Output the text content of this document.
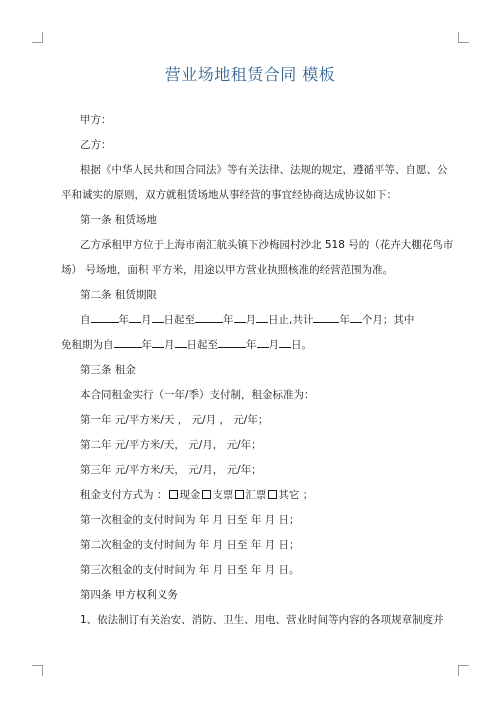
营业场地租赁合同 模板

甲方：

乙方：

根据《中华人民共和国合同法》等有关法律、法规的规定，遵循平等、自愿、公

平和诚实的原则，双方就租赁场地从事经营的事宜经协商达成协议如下：

第一条 租赁场地

乙方承租甲方位于上海市南汇航头镇下沙梅园村沙北 518 号的（花卉大棚花鸟市

场） 号场地，面积 平方米，用途以甲方营业执照核准的经营范围为准。

第二条 租赁期限

自	年 月 日起至	年 月 日止,共计 年 个月；其中

免租期为自	年 月 日起至	年 月 日。

第三条 租金

本合同租金实行（一年/季）支付制，租金标准为：

第一年 元/平方米/天 ， 元/月 ， 元/年；

第二年 元/平方米/天， 元/月， 元/年；

第三年 元/平方米/天， 元/月， 元/年；

租金支付方式为 ： 现金 支票 汇票 其它 ；

第一次租金的支付时间为 年 月 日至 年 月 日；

第二次租金的支付时间为 年 月 日至 年 月 日；

第三次租金的支付时间为 年 月 日至 年 月 日。

第四条 甲方权利义务

1、依法制订有关治安、消防、卫生、用电、营业时间等内容的各项规章制度并
